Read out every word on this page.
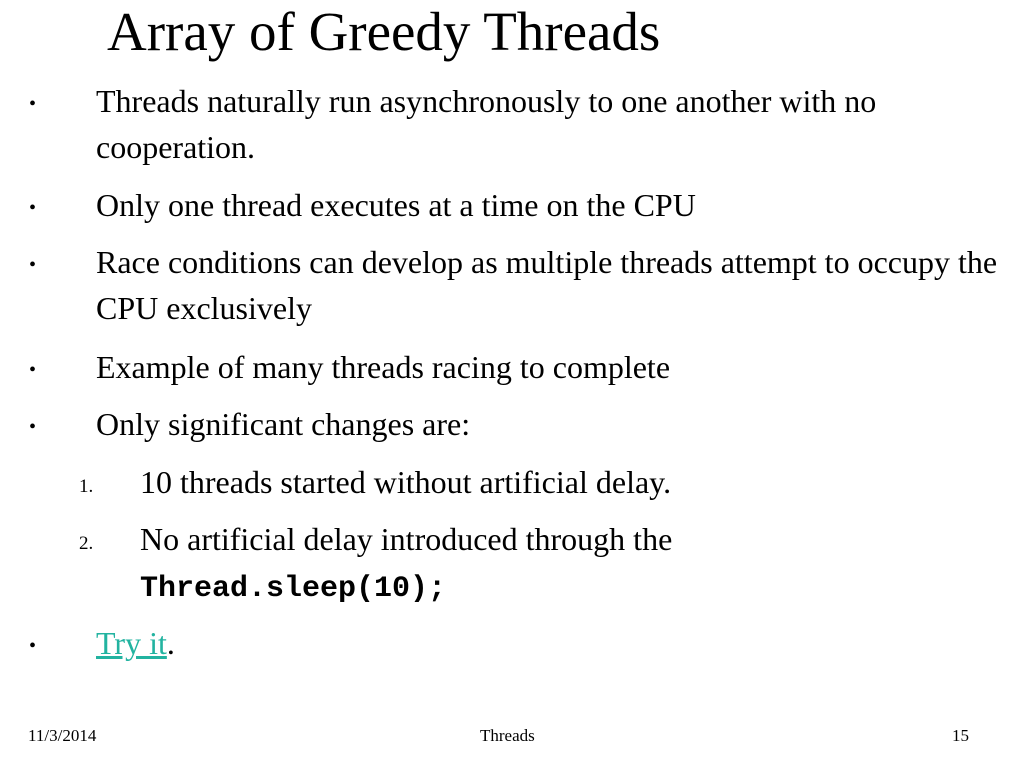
Array of Greedy Threads
• Threads naturally run asynchronously to one another with no cooperation.
• Only one thread executes at a time on the CPU
• Race conditions can develop as multiple threads attempt to occupy the CPU exclusively
• Example of many threads racing to complete
• Only significant changes are:
1. 10 threads started without artificial delay.
2. No artificial delay introduced through the
Thread.sleep(10);
• Try it.
11/3/2014	Threads	15
